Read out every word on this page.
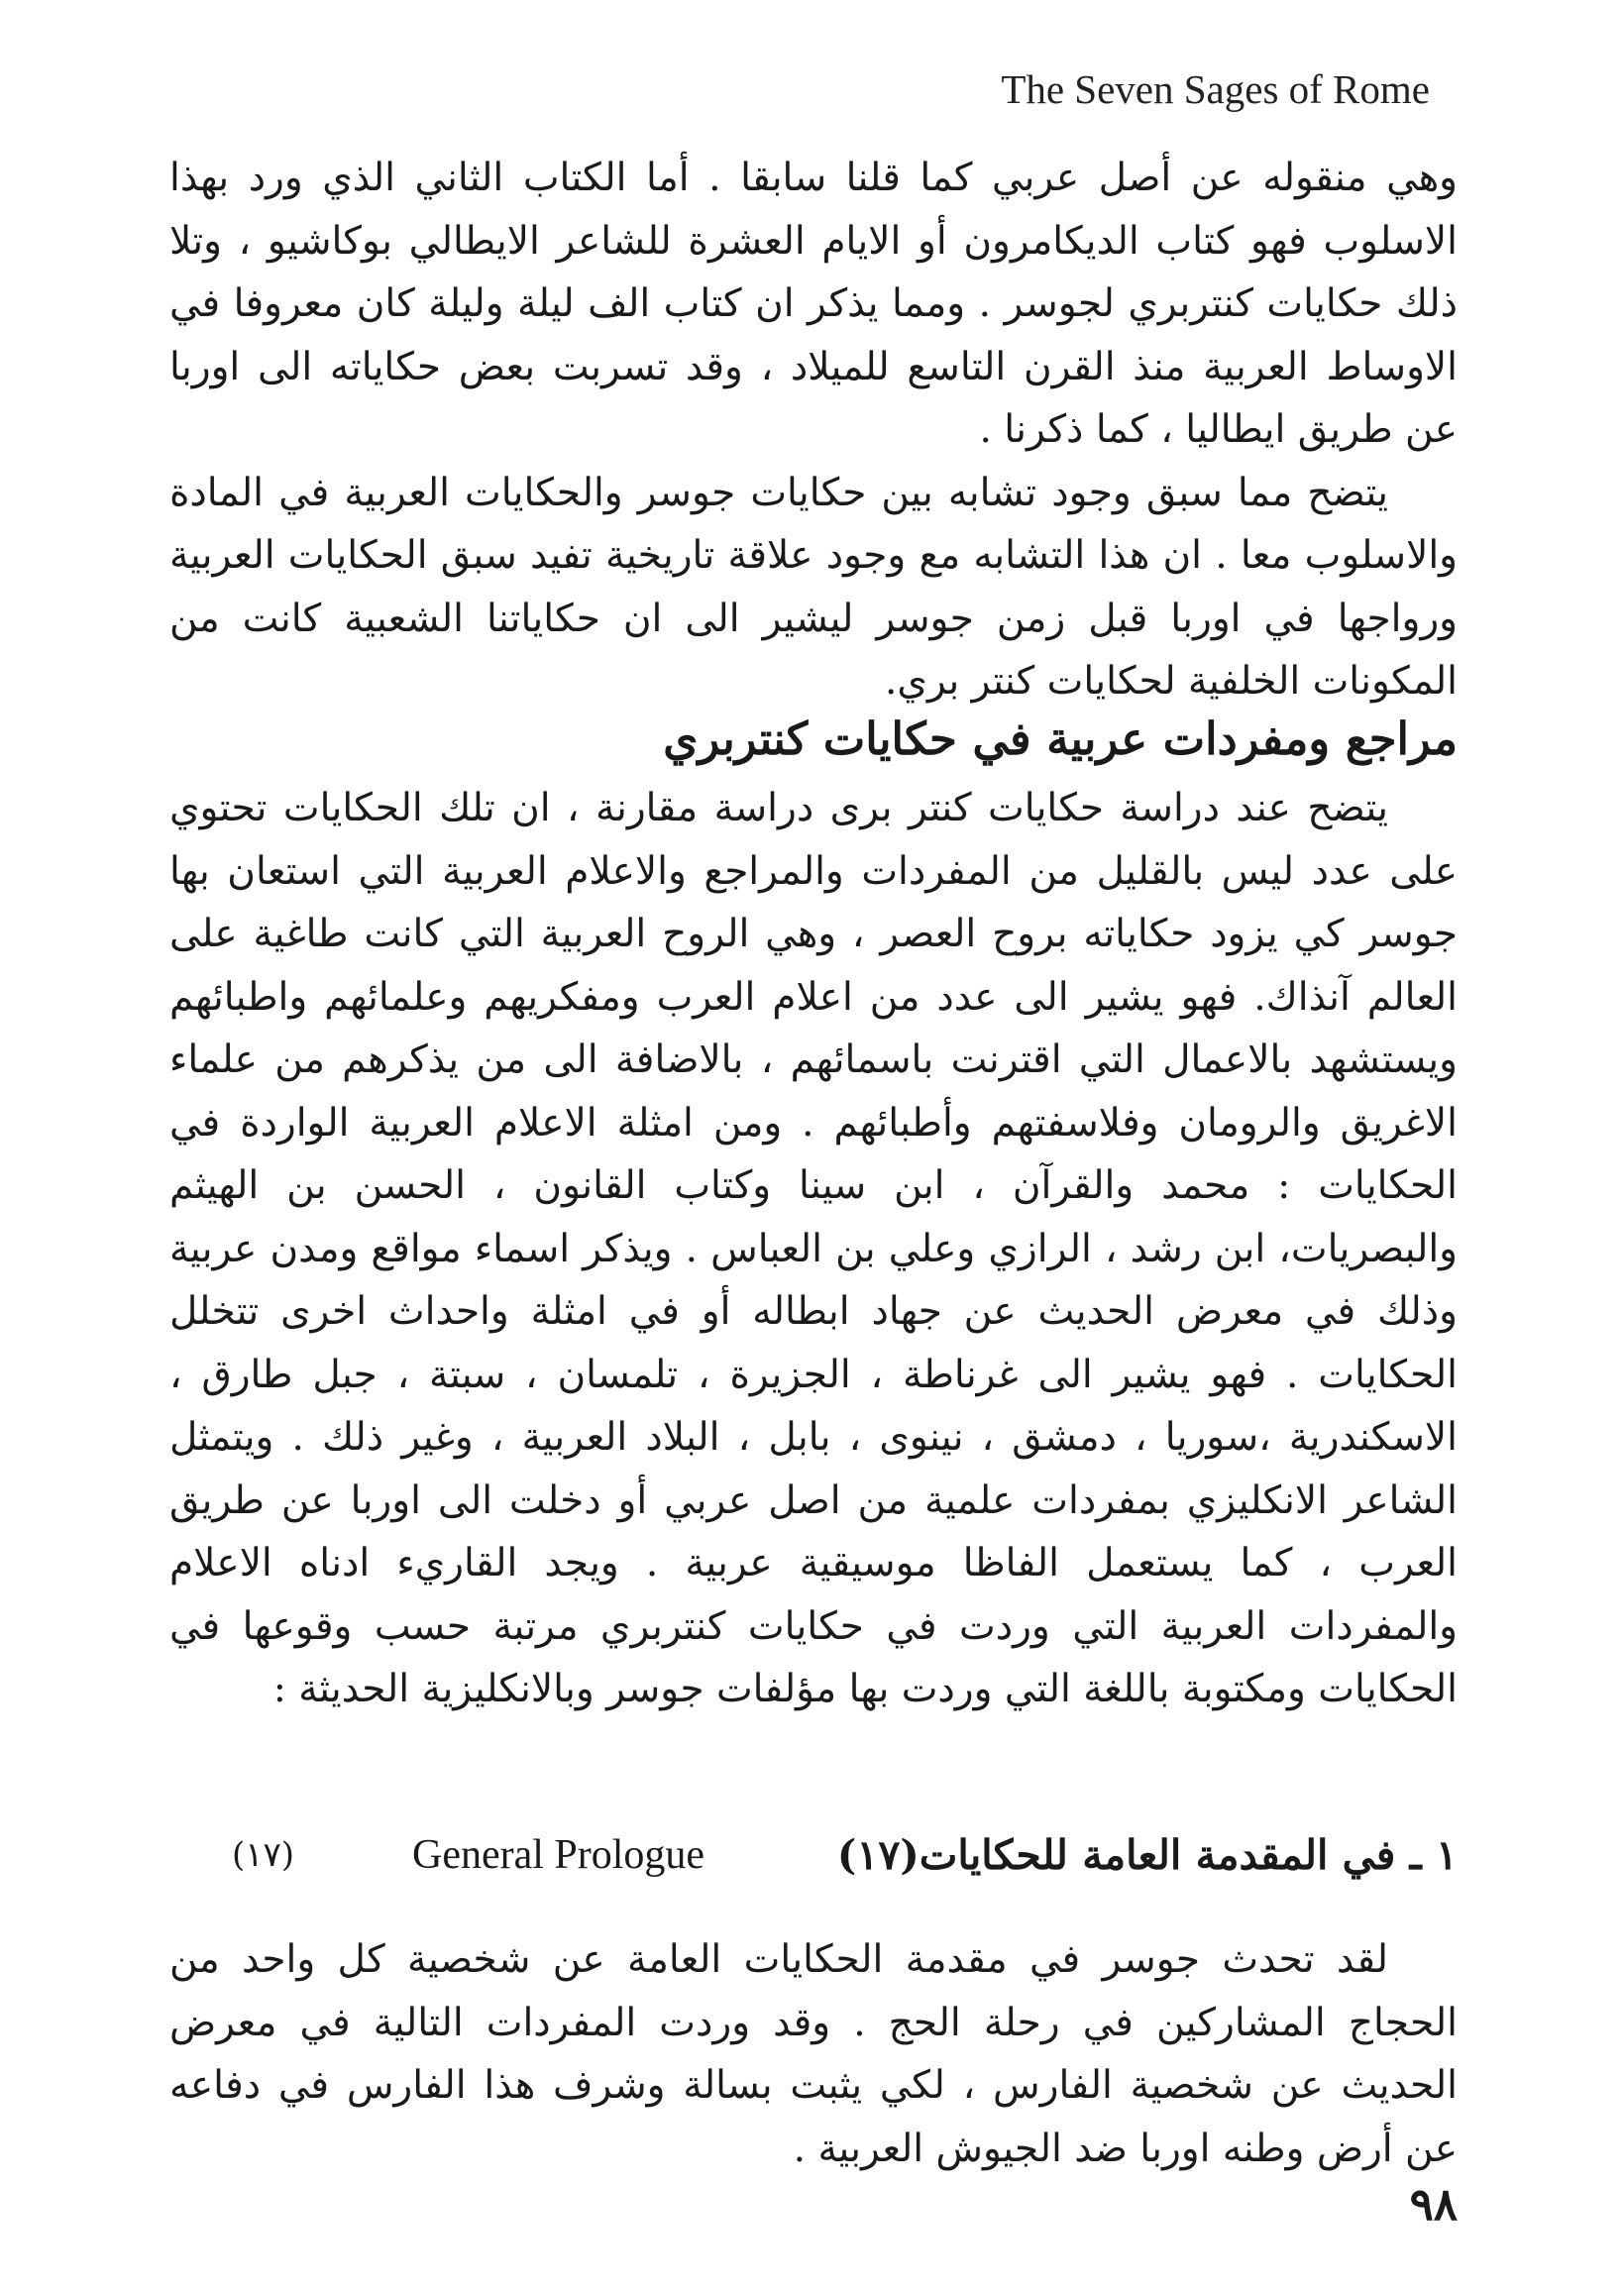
The Seven Sages of Rome

وهي منقوله عن أصل عربي كما قلنا سابقا . أما الكتاب الثاني الذي ورد بهذا الاسلوب فهو كتاب الديكامرون أو الايام العشرة للشاعر الايطالي بوكاشيو ، وتلا ذلك حكايات كنتربري لجوسر . ومما يذكر ان كتاب الف ليلة وليلة كان معروفا في الاوساط العربية منذ القرن التاسع للميلاد ، وقد تسربت بعض حكاياته الى اوربا عن طريق ايطاليا ، كما ذكرنا .

يتضح مما سبق وجود تشابه بين حكايات جوسر والحكايات العربية في المادة والاسلوب معا . ان هذا التشابه مع وجود علاقة تاريخية تفيد سبق الحكايات العربية ورواجها في اوربا قبل زمن جوسر ليشير الى ان حكاياتنا الشعبية كانت من المكونات الخلفية لحكايات كنتر بري.

مراجع ومفردات عربية في حكايات كنتربري

يتضح عند دراسة حكايات كنتر برى دراسة مقارنة ، ان تلك الحكايات تحتوي على عدد ليس بالقليل من المفردات والمراجع والاعلام العربية التي استعان بها جوسر كي يزود حكاياته بروح العصر ، وهي الروح العربية التي كانت طاغية على العالم آنذاك. فهو يشير الى عدد من اعلام العرب ومفكريهم وعلمائهم واطبائهم ويستشهد بالاعمال التي اقترنت باسمائهم ، بالاضافة الى من يذكرهم من علماء الاغريق والرومان وفلاسفتهم وأطبائهم . ومن امثلة الاعلام العربية الواردة في الحكايات : محمد والقرآن ، ابن سينا وكتاب القانون ، الحسن بن الهيثم والبصريات، ابن رشد ، الرازي وعلي بن العباس . ويذكر اسماء مواقع ومدن عربية وذلك في معرض الحديث عن جهاد ابطاله أو في امثلة واحداث اخرى تتخلل الحكايات . فهو يشير الى غرناطة ، الجزيرة ، تلمسان ، سبتة ، جبل طارق ، الاسكندرية ،سوريا ، دمشق ، نينوى ، بابل ، البلاد العربية ، وغير ذلك . ويتمثل الشاعر الانكليزي بمفردات علمية من اصل عربي أو دخلت الى اوربا عن طريق العرب ، كما يستعمل الفاظا موسيقية عربية . ويجد القاريء ادناه الاعلام والمفردات العربية التي وردت في حكايات كنتربري مرتبة حسب وقوعها في الحكايات ومكتوبة باللغة التي وردت بها مؤلفات جوسر وبالانكليزية الحديثة :

١ ـ في المقدمة العامة للحكايات(١٧)
General Prologue
(١٧)

لقد تحدث جوسر في مقدمة الحكايات العامة عن شخصية كل واحد من الحجاج المشاركين في رحلة الحج . وقد وردت المفردات التالية في معرض الحديث عن شخصية الفارس ، لكي يثبت بسالة وشرف هذا الفارس في دفاعه عن أرض وطنه اوربا ضد الجيوش العربية .

٩٨
